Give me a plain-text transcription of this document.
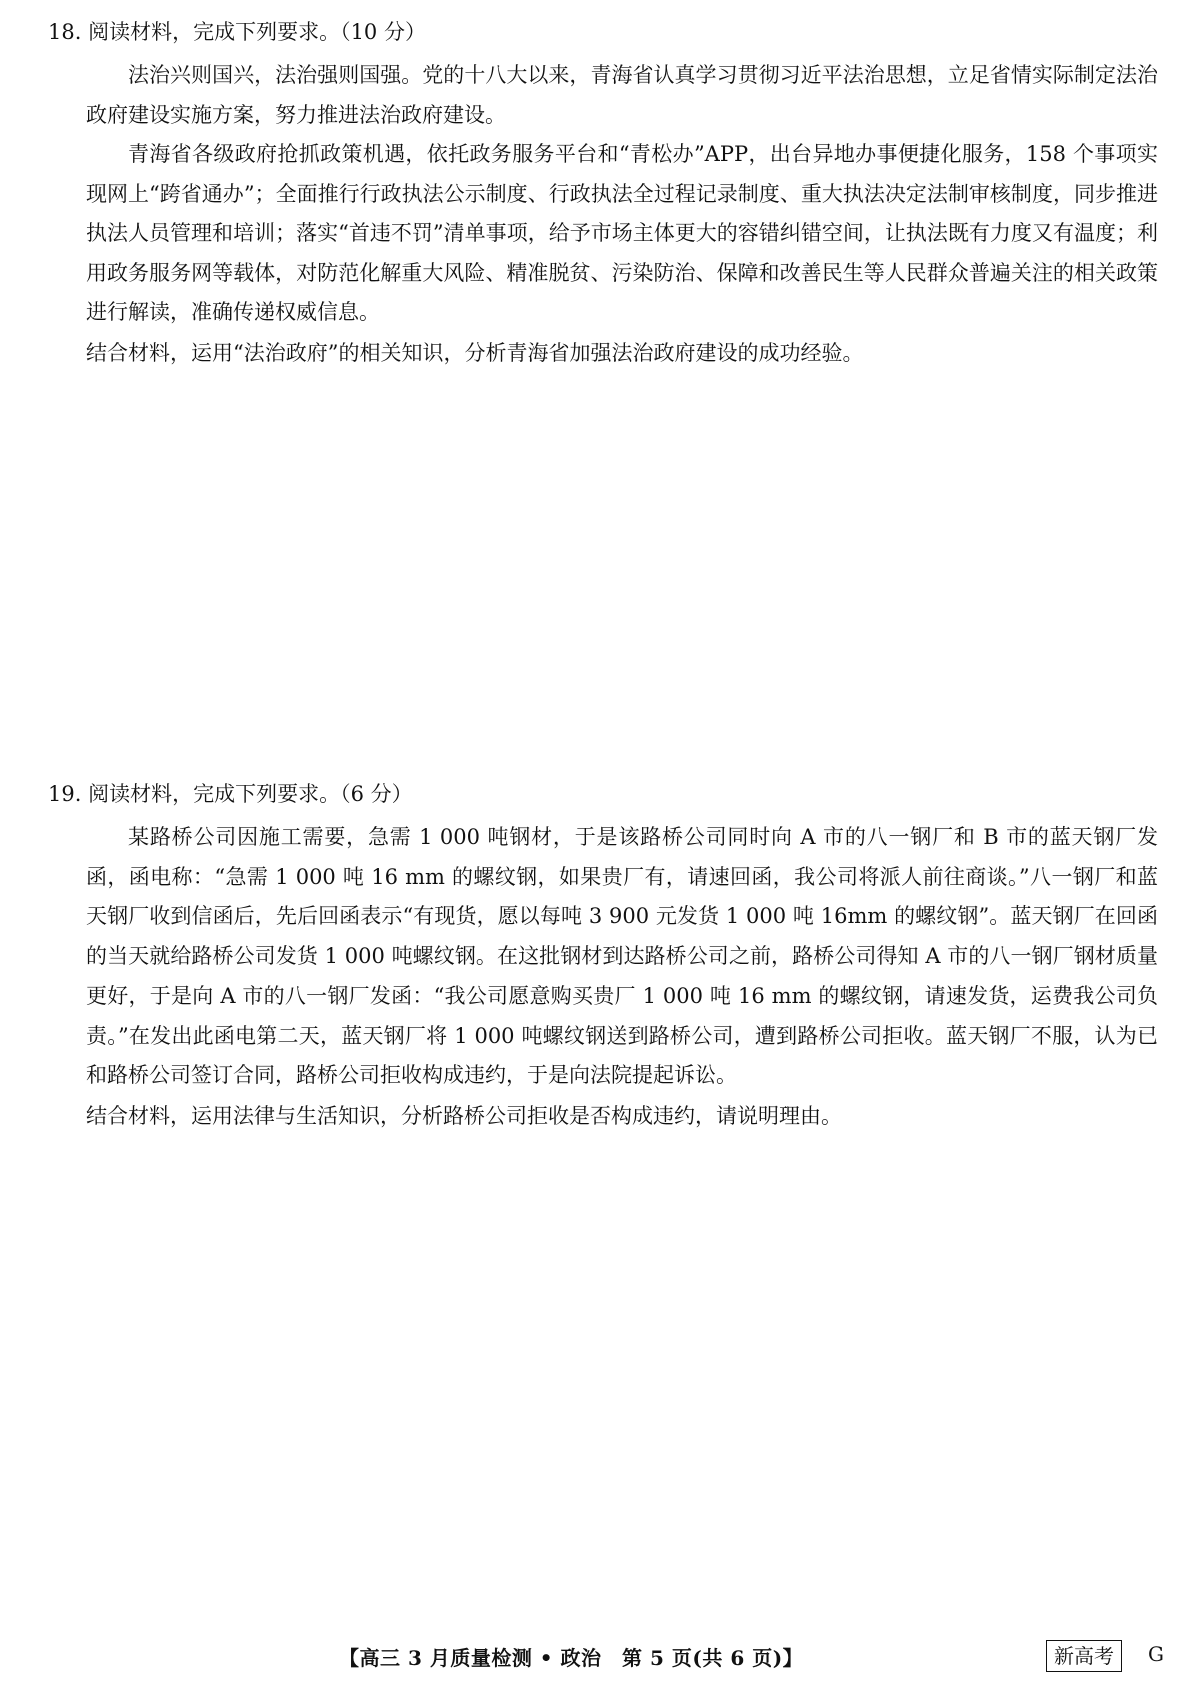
18. 阅读材料，完成下列要求。（10 分）

法治兴则国兴，法治强则国强。党的十八大以来，青海省认真学习贯彻习近平法治思想，立足省情实际制定法治政府建设实施方案，努力推进法治政府建设。

青海省各级政府抢抓政策机遇，依托政务服务平台和“青松办”APP，出台异地办事便捷化服务，158 个事项实现网上“跨省通办”；全面推行行政执法公示制度、行政执法全过程记录制度、重大执法决定法制审核制度，同步推进执法人员管理和培训；落实“首违不罚”清单事项，给予市场主体更大的容错纠错空间，让执法既有力度又有温度；利用政务服务网等载体，对防范化解重大风险、精准脱贫、污染防治、保障和改善民生等人民群众普遍关注的相关政策进行解读，准确传递权威信息。

结合材料，运用“法治政府”的相关知识，分析青海省加强法治政府建设的成功经验。

19. 阅读材料，完成下列要求。（6 分）

某路桥公司因施工需要，急需 1 000 吨钢材，于是该路桥公司同时向 A 市的八一钢厂和 B 市的蓝天钢厂发函，函电称：“急需 1 000 吨 16 mm 的螺纹钢，如果贵厂有，请速回函，我公司将派人前往商谈。”八一钢厂和蓝天钢厂收到信函后，先后回函表示“有现货，愿以每吨 3 900 元发货 1 000 吨 16mm 的螺纹钢”。蓝天钢厂在回函的当天就给路桥公司发货 1 000 吨螺纹钢。在这批钢材到达路桥公司之前，路桥公司得知 A 市的八一钢厂钢材质量更好，于是向 A 市的八一钢厂发函：“我公司愿意购买贵厂 1 000 吨 16 mm 的螺纹钢，请速发货，运费我公司负责。”在发出此函电第二天，蓝天钢厂将 1 000 吨螺纹钢送到路桥公司，遭到路桥公司拒收。蓝天钢厂不服，认为已和路桥公司签订合同，路桥公司拒收构成违约，于是向法院提起诉讼。

结合材料，运用法律与生活知识，分析路桥公司拒收是否构成违约，请说明理由。

【高三 3 月质量检测 • 政治　第 5 页(共 6 页)】	新高考	G
